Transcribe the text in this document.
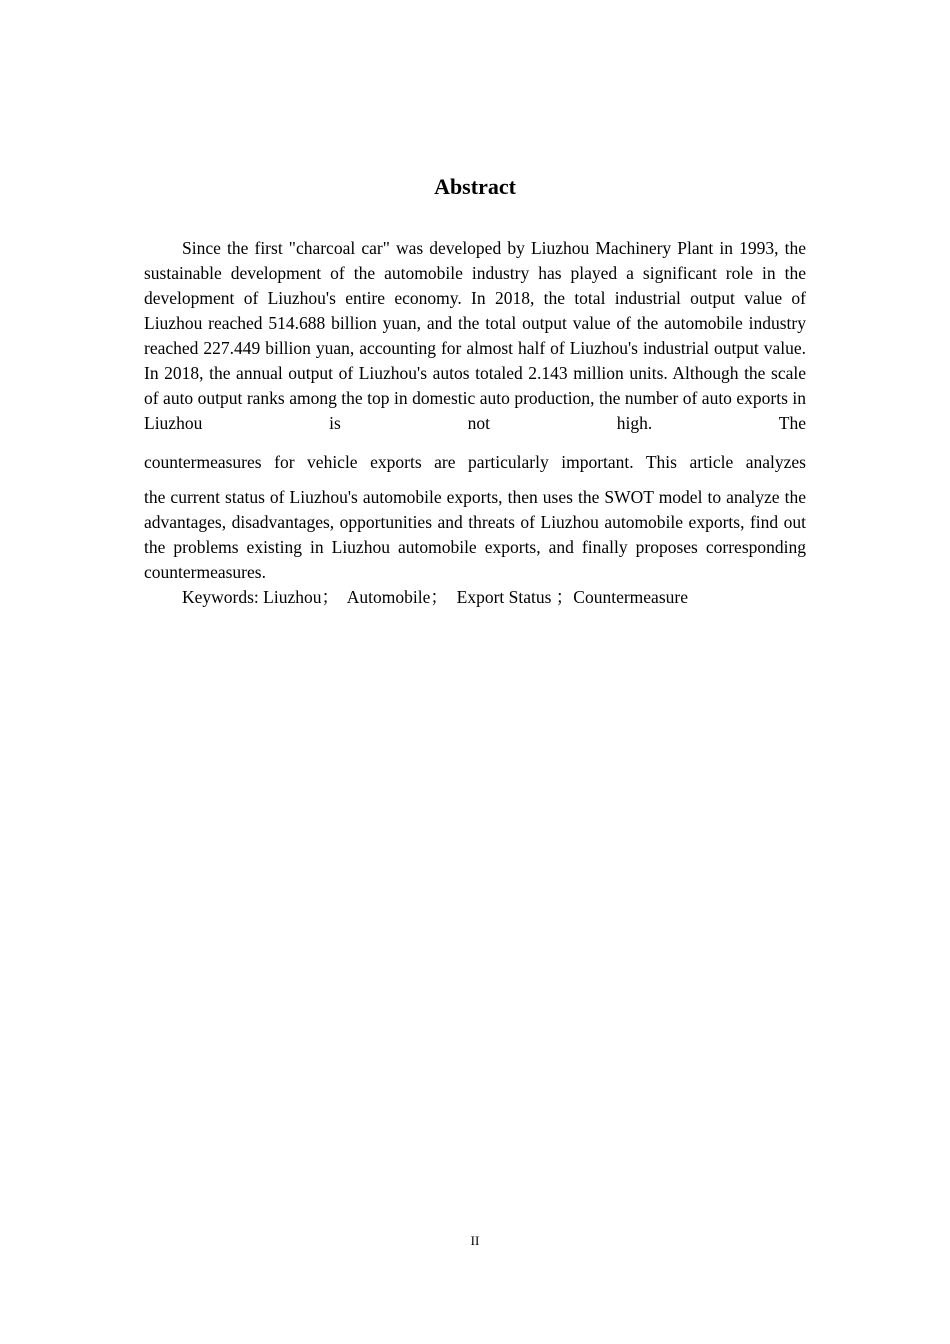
Abstract
Since the first "charcoal car" was developed by Liuzhou Machinery Plant in 1993, the sustainable development of the automobile industry has played a significant role in the development of Liuzhou's entire economy. In 2018, the total industrial output value of Liuzhou reached 514.688 billion yuan, and the total output value of the automobile industry reached 227.449 billion yuan, accounting for almost half of Liuzhou's industrial output value. In 2018, the annual output of Liuzhou's autos totaled 2.143 million units. Although the scale of auto output ranks among the top in domestic auto production, the number of auto exports in Liuzhou is not high. The
countermeasures for vehicle exports are particularly important. This article analyzes
the current status of Liuzhou's automobile exports, then uses the SWOT model to analyze the advantages, disadvantages, opportunities and threats of Liuzhou automobile exports, find out the problems existing in Liuzhou automobile exports, and finally proposes corresponding countermeasures.
Keywords: Liuzhou；  Automobile；  Export Status ；Countermeasure
II
